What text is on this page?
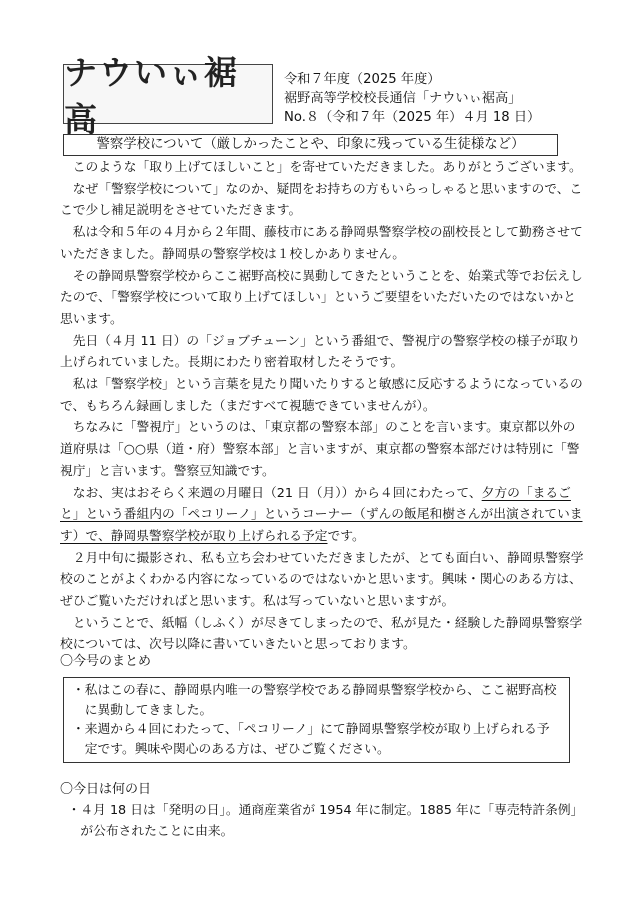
ナウいぃ裾高
令和７年度（2025 年度）
裾野高等学校校長通信「ナウいぃ裾高」
No.８（令和７年（2025 年）４月 18 日）
警察学校について（厳しかったことや、印象に残っている生徒様など）

このような「取り上げてほしいこと」を寄せていただきました。ありがとうございます。

なぜ「警察学校について」なのか、疑問をお持ちの方もいらっしゃると思いますので、ここで少し補足説明をさせていただきます。

私は令和５年の４月から２年間、藤枝市にある静岡県警察学校の副校長として勤務させていただきました。静岡県の警察学校は１校しかありません。

その静岡県警察学校からここ裾野高校に異動してきたということを、始業式等でお伝えしたので、「警察学校について取り上げてほしい」というご要望をいただいたのではないかと思います。

先日（４月 11 日）の「ジョブチューン」という番組で、警視庁の警察学校の様子が取り上げられていました。長期にわたり密着取材したそうです。

私は「警察学校」という言葉を見たり聞いたりすると敏感に反応するようになっているので、もちろん録画しました（まだすべて視聴できていませんが）。

ちなみに「警視庁」というのは、「東京都の警察本部」のことを言います。東京都以外の道府県は「○○県（道・府）警察本部」と言いますが、東京都の警察本部だけは特別に「警視庁」と言います。警察豆知識です。

なお、実はおそらく来週の月曜日（21 日（月））から４回にわたって、夕方の「まるごと」という番組内の「ペコリーノ」というコーナー（ずんの飯尾和樹さんが出演されています）で、静岡県警察学校が取り上げられる予定です。

２月中旬に撮影され、私も立ち会わせていただきましたが、とても面白い、静岡県警察学校のことがよくわかる内容になっているのではないかと思います。興味・関心のある方は、ぜひご覧いただければと思います。私は写っていないと思いますが。

ということで、紙幅（しふく）が尽きてしまったので、私が見た・経験した静岡県警察学校については、次号以降に書いていきたいと思っております。

〇今号のまとめ

・私はこの春に、静岡県内唯一の警察学校である静岡県警察学校から、ここ裾野高校に異動してきました。

・来週から４回にわたって、「ペコリーノ」にて静岡県警察学校が取り上げられる予定です。興味や関心のある方は、ぜひご覧ください。

〇今日は何の日

・４月 18 日は「発明の日」。通商産業省が 1954 年に制定。1885 年に「専売特許条例」が公布されたことに由来。
